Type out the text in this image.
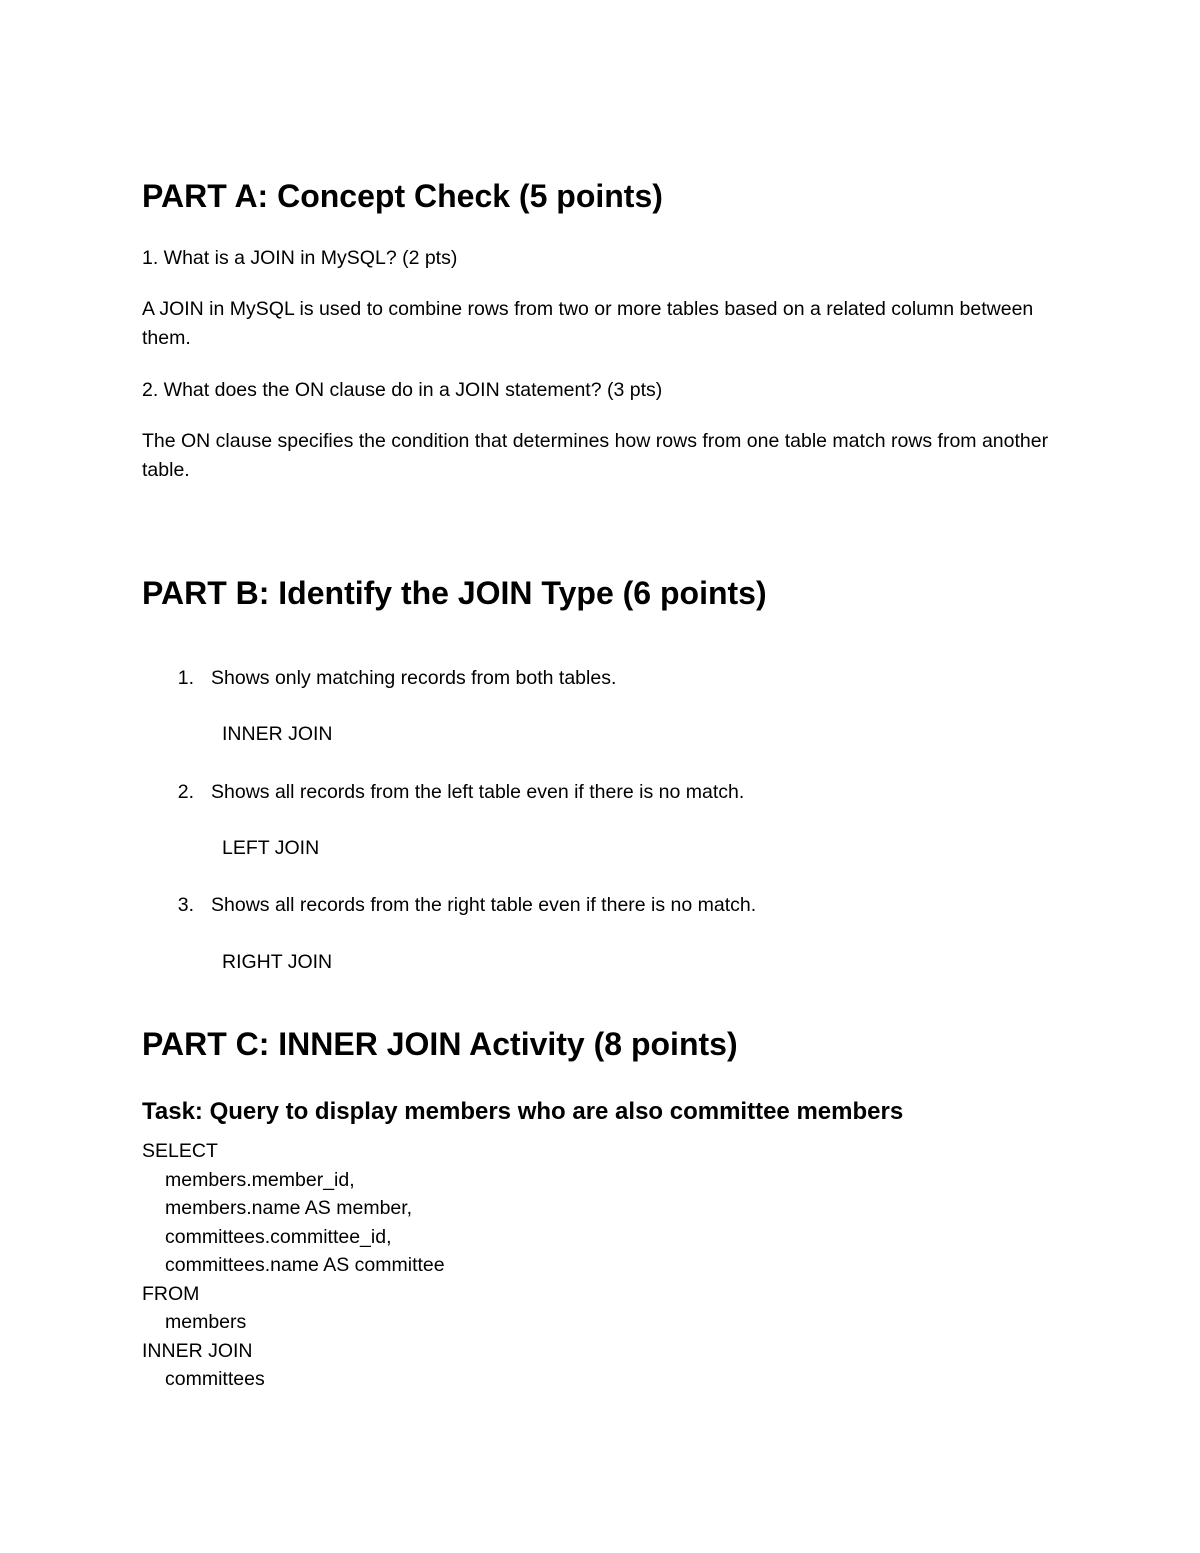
PART A: Concept Check (5 points)

1. What is a JOIN in MySQL? (2 pts)

A JOIN in MySQL is used to combine rows from two or more tables based on a related column between them.

2. What does the ON clause do in a JOIN statement? (3 pts)

The ON clause specifies the condition that determines how rows from one table match rows from another table.

PART B: Identify the JOIN Type (6 points)
1. Shows only matching records from both tables.

INNER JOIN

2. Shows all records from the left table even if there is no match.

LEFT JOIN

3. Shows all records from the right table even if there is no match.

RIGHT JOIN

PART C: INNER JOIN Activity (8 points)
Task: Query to display members who are also committee members

SELECT

members.member_id,

members.name AS member,

committees.committee_id,

committees.name AS committee

FROM

members

INNER JOIN

committees
